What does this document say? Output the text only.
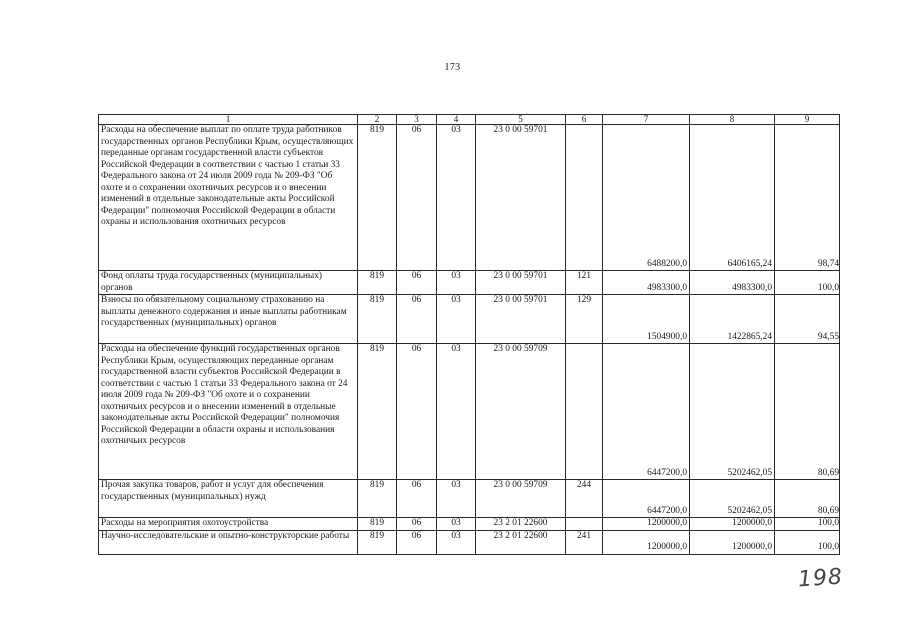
173
1	2	3	4	5	6	7	8	9
Расходы на обеспечение выплат по оплате труда работников государственных органов Республики Крым, осуществляющих переданные органам государственной власти субъектов Российской Федерации в соответствии с частью 1 статьи 33 Федерального закона от 24 июля 2009 года № 209-ФЗ "Об охоте и о сохранении охотничьих ресурсов и о внесении изменений в отдельные законодательные акты Российской Федерации" полномочия Российской Федерации в области охраны и использования охотничьих ресурсов	819	06	03	23 0 00 59701		6488200,0	6406165,24	98,74
Фонд оплаты труда государственных (муниципальных) органов	819	06	03	23 0 00 59701	121	4983300,0	4983300,0	100,0
Взносы по обязательному социальному страхованию на выплаты денежного содержания и иные выплаты работникам государственных (муниципальных) органов	819	06	03	23 0 00 59701	129	1504900,0	1422865,24	94,55
Расходы на обеспечение функций государственных органов Республики Крым, осуществляющих переданные органам государственной власти субъектов Российской Федерации в соответствии с частью 1 статьи 33 Федерального закона от 24 июля 2009 года № 209-ФЗ "Об охоте и о сохранении охотничьих ресурсов и о внесении изменений в отдельные законодательные акты Российской Федерации" полномочия Российской Федерации в области охраны и использования охотничьих ресурсов	819	06	03	23 0 00 59709		6447200,0	5202462,05	80,69
Прочая закупка товаров, работ и услуг для обеспечения государственных (муниципальных) нужд	819	06	03	23 0 00 59709	244	6447200,0	5202462,05	80,69
Расходы на мероприятия охотоустройства	819	06	03	23 2 01 22600		1200000,0	1200000,0	100,0
Научно-исследовательские и опытно-конструкторские работы	819	06	03	23 2 01 22600	241	1200000,0	1200000,0	100,0
198
